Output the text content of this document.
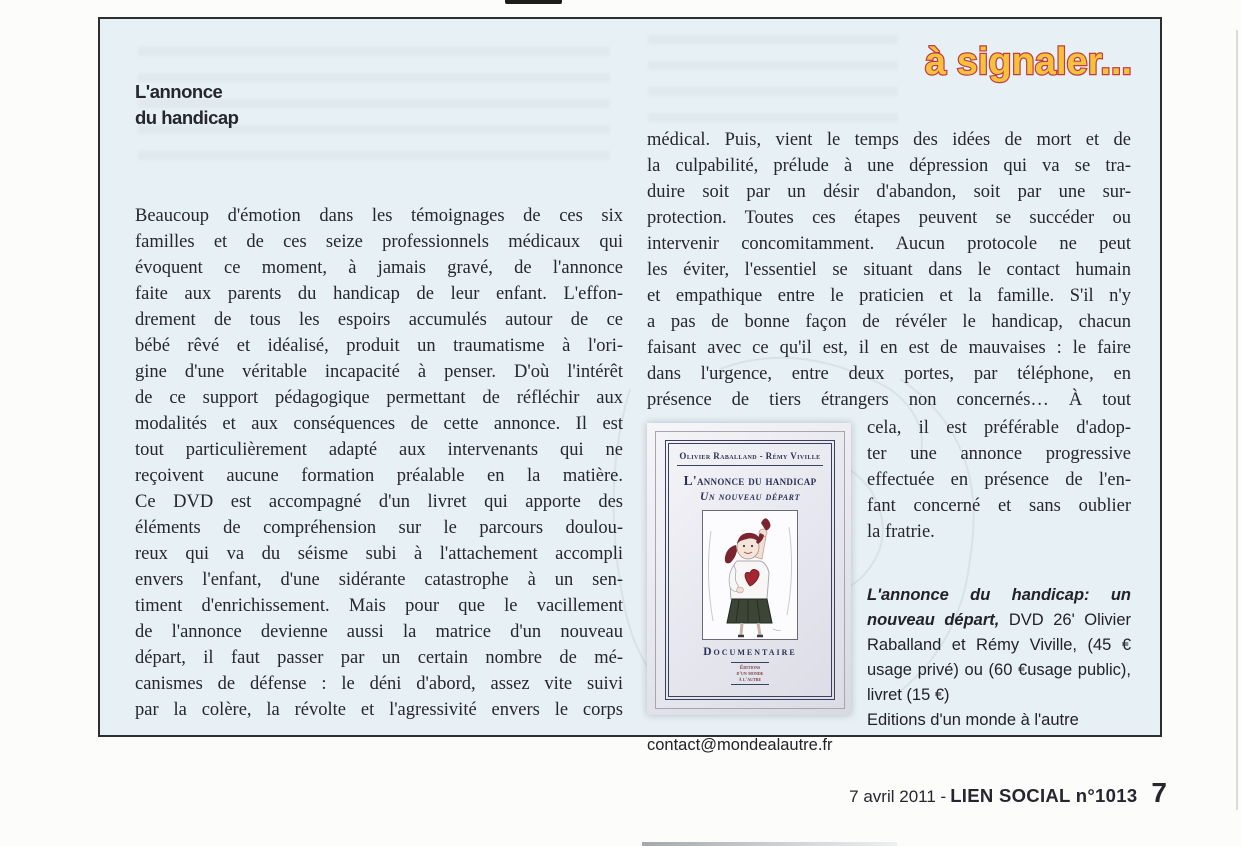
à signaler...
L'annonce
du handicap
Beaucoup d'émotion dans les témoignages de ces six
familles et de ces seize professionnels médicaux qui
évoquent ce moment, à jamais gravé, de l'annonce
faite aux parents du handicap de leur enfant. L'effon-
drement de tous les espoirs accumulés autour de ce
bébé rêvé et idéalisé, produit un traumatisme à l'ori-
gine d'une véritable incapacité à penser. D'où l'intérêt
de ce support pédagogique permettant de réfléchir aux
modalités et aux conséquences de cette annonce. Il est
tout particulièrement adapté aux intervenants qui ne
reçoivent aucune formation préalable en la matière.
Ce DVD est accompagné d'un livret qui apporte des
éléments de compréhension sur le parcours doulou-
reux qui va du séisme subi à l'attachement accompli
envers l'enfant, d'une sidérante catastrophe à un sen-
timent d'enrichissement. Mais pour que le vacillement
de l'annonce devienne aussi la matrice d'un nouveau
départ, il faut passer par un certain nombre de mé-
canismes de défense : le déni d'abord, assez vite suivi
par la colère, la révolte et l'agressivité envers le corps
médical. Puis, vient le temps des idées de mort et de
la culpabilité, prélude à une dépression qui va se tra-
duire soit par un désir d'abandon, soit par une sur-
protection. Toutes ces étapes peuvent se succéder ou
intervenir concomitamment. Aucun protocole ne peut
les éviter, l'essentiel se situant dans le contact humain
et empathique entre le praticien et la famille. S'il n'y
a pas de bonne façon de révéler le handicap, chacun
faisant avec ce qu'il est, il en est de mauvaises : le faire
dans l'urgence, entre deux portes, par téléphone, en
présence de tiers étrangers non concernés… À tout
Olivier Raballand - Rémy Viville
L'annonce du handicap
Un nouveau départ
Documentaire
Éditions
d'un monde
à l'autre
cela, il est préférable d'adop-
ter une annonce progressive
effectuée en présence de l'en-
fant concerné et sans oublier
la fratrie.
L'annonce du handicap: un nouveau départ, DVD 26' Olivier Raballand et Rémy Viville, (45 € usage privé) ou (60 €usage public), livret (15 €)
Editions d'un monde à l'autre
contact@mondealautre.fr
7 avril 2011 - LIEN SOCIAL n°1013 7
